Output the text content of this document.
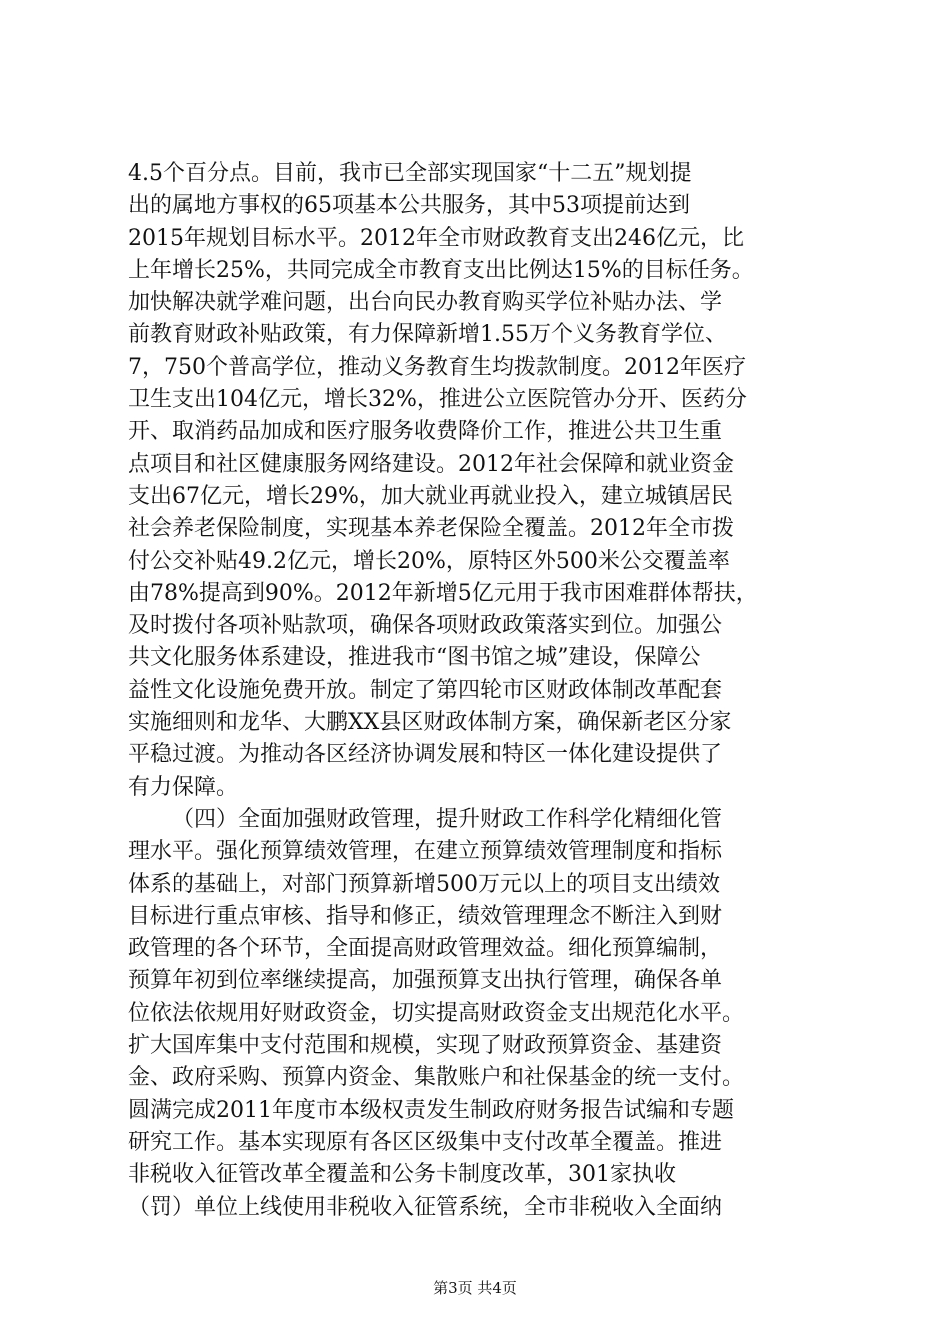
4.5个百分点。目前，我市已全部实现国家“十二五”规划提
出的属地方事权的65项基本公共服务，其中53项提前达到
2015年规划目标水平。2012年全市财政教育支出246亿元，比
上年增长25%，共同完成全市教育支出比例达15%的目标任务。
加快解决就学难问题，出台向民办教育购买学位补贴办法、学
前教育财政补贴政策，有力保障新增1.55万个义务教育学位、
7，750个普高学位，推动义务教育生均拨款制度。2012年医疗
卫生支出104亿元，增长32%，推进公立医院管办分开、医药分
开、取消药品加成和医疗服务收费降价工作，推进公共卫生重
点项目和社区健康服务网络建设。2012年社会保障和就业资金
支出67亿元，增长29%，加大就业再就业投入，建立城镇居民
社会养老保险制度，实现基本养老保险全覆盖。2012年全市拨
付公交补贴49.2亿元，增长20%，原特区外500米公交覆盖率
由78%提高到90%。2012年新增5亿元用于我市困难群体帮扶，
及时拨付各项补贴款项，确保各项财政政策落实到位。加强公
共文化服务体系建设，推进我市“图书馆之城”建设，保障公
益性文化设施免费开放。制定了第四轮市区财政体制改革配套
实施细则和龙华、大鹏XX县区财政体制方案，确保新老区分家
平稳过渡。为推动各区经济协调发展和特区一体化建设提供了
有力保障。
（四）全面加强财政管理，提升财政工作科学化精细化管
理水平。强化预算绩效管理，在建立预算绩效管理制度和指标
体系的基础上，对部门预算新增500万元以上的项目支出绩效
目标进行重点审核、指导和修正，绩效管理理念不断注入到财
政管理的各个环节，全面提高财政管理效益。细化预算编制，
预算年初到位率继续提高，加强预算支出执行管理，确保各单
位依法依规用好财政资金，切实提高财政资金支出规范化水平。
扩大国库集中支付范围和规模，实现了财政预算资金、基建资
金、政府采购、预算内资金、集散账户和社保基金的统一支付。
圆满完成2011年度市本级权责发生制政府财务报告试编和专题
研究工作。基本实现原有各区区级集中支付改革全覆盖。推进
非税收入征管改革全覆盖和公务卡制度改革，301家执收
（罚）单位上线使用非税收入征管系统，全市非税收入全面纳
第3页 共4页
